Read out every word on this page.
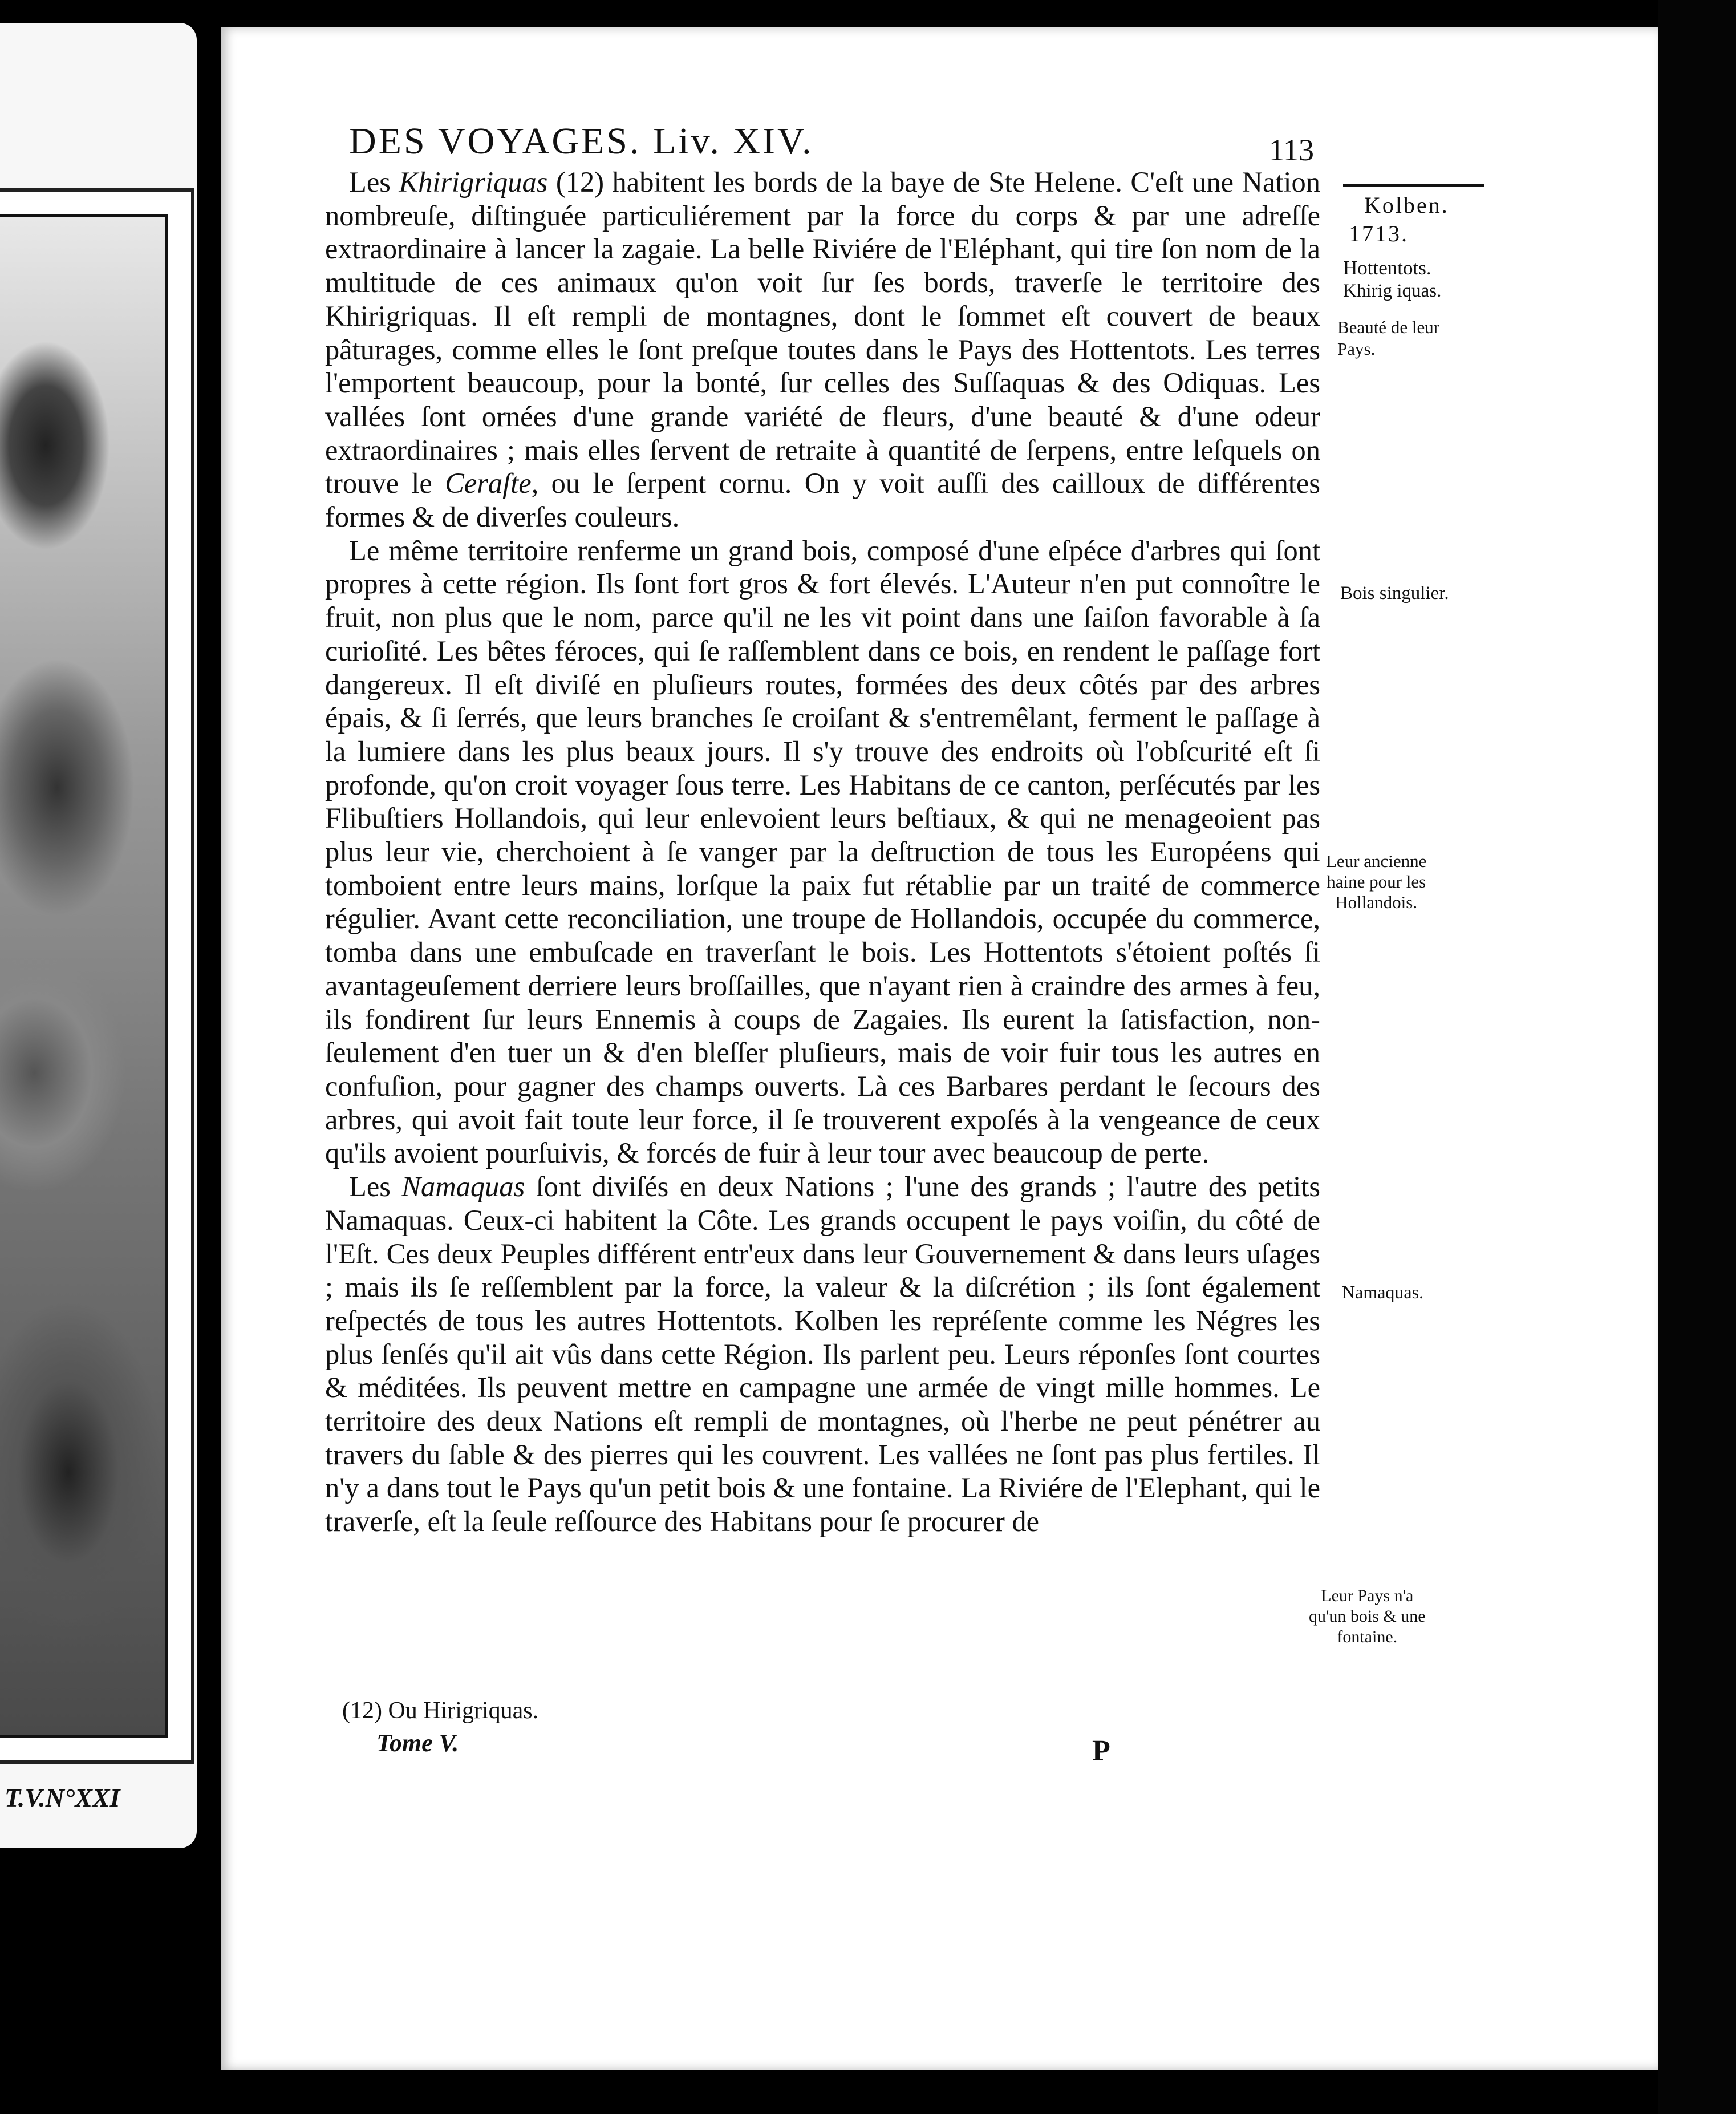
T.V.N°XXI
DES VOYAGES. Liv. XIV.	113

Les Khirigriquas (12) habitent les bords de la baye de Ste Helene. C'eſt une Nation nombreuſe, diſtinguée particuliérement par la force du corps & par une adreſſe extraordinaire à lancer la zagaie. La belle Riviére de l'Eléphant, qui tire ſon nom de la multitude de ces animaux qu'on voit ſur ſes bords, traverſe le territoire des Khirigriquas. Il eſt rempli de montagnes, dont le ſommet eſt couvert de beaux pâturages, comme elles le ſont preſque toutes dans le Pays des Hottentots. Les terres l'emportent beaucoup, pour la bonté, ſur celles des Suſſaquas & des Odiquas. Les vallées ſont ornées d'une grande variété de fleurs, d'une beauté & d'une odeur extraordinaires ; mais elles ſervent de retraite à quantité de ſerpens, entre leſquels on trouve le Ceraſte, ou le ſerpent cornu. On y voit auſſi des cailloux de différentes formes & de diverſes couleurs.

Le même territoire renferme un grand bois, composé d'une eſpéce d'arbres qui ſont propres à cette région. Ils ſont fort gros & fort élevés. L'Auteur n'en put connoître le fruit, non plus que le nom, parce qu'il ne les vit point dans une ſaiſon favorable à ſa curioſité. Les bêtes féroces, qui ſe raſſemblent dans ce bois, en rendent le paſſage fort dangereux. Il eſt diviſé en pluſieurs routes, formées des deux côtés par des arbres épais, & ſi ſerrés, que leurs branches ſe croiſant & s'entremêlant, ferment le paſſage à la lumiere dans les plus beaux jours. Il s'y trouve des endroits où l'obſcurité eſt ſi profonde, qu'on croit voyager ſous terre. Les Habitans de ce canton, perſécutés par les Flibuſtiers Hollandois, qui leur enlevoient leurs beſtiaux, & qui ne menageoient pas plus leur vie, cherchoient à ſe vanger par la deſtruction de tous les Européens qui tomboient entre leurs mains, lorſque la paix fut rétablie par un traité de commerce régulier. Avant cette reconciliation, une troupe de Hollandois, occupée du commerce, tomba dans une embuſcade en traverſant le bois. Les Hottentots s'étoient poſtés ſi avantageuſement derriere leurs broſſailles, que n'ayant rien à craindre des armes à feu, ils fondirent ſur leurs Ennemis à coups de Zagaies. Ils eurent la ſatisfaction, non-ſeulement d'en tuer un & d'en bleſſer pluſieurs, mais de voir fuir tous les autres en confuſion, pour gagner des champs ouverts. Là ces Barbares perdant le ſecours des arbres, qui avoit fait toute leur force, il ſe trouverent expoſés à la vengeance de ceux qu'ils avoient pourſuivis, & forcés de fuir à leur tour avec beaucoup de perte.

Les Namaquas ſont diviſés en deux Nations ; l'une des grands ; l'autre des petits Namaquas. Ceux-ci habitent la Côte. Les grands occupent le pays voiſin, du côté de l'Eſt. Ces deux Peuples différent entr'eux dans leur Gouvernement & dans leurs uſages ; mais ils ſe reſſemblent par la force, la valeur & la diſcrétion ; ils ſont également reſpectés de tous les autres Hottentots. Kolben les repréſente comme les Négres les plus ſenſés qu'il ait vûs dans cette Région. Ils parlent peu. Leurs réponſes ſont courtes & méditées. Ils peuvent mettre en campagne une armée de vingt mille hommes. Le territoire des deux Nations eſt rempli de montagnes, où l'herbe ne peut pénétrer au travers du ſable & des pierres qui les couvrent. Les vallées ne ſont pas plus fertiles. Il n'y a dans tout le Pays qu'un petit bois & une fontaine. La Riviére de l'Elephant, qui le traverſe, eſt la ſeule reſſource des Habitans pour ſe procurer de

Kolben.
1713.
Hottentots.
Khirig iquas.
Beauté de leur
Pays.
Bois singulier.
Leur ancienne
haine pour les
Hollandois.
Namaquas.
Leur Pays n'a
qu'un bois & une
fontaine.
(12) Ou Hirigriquas.
Tome V.	P
